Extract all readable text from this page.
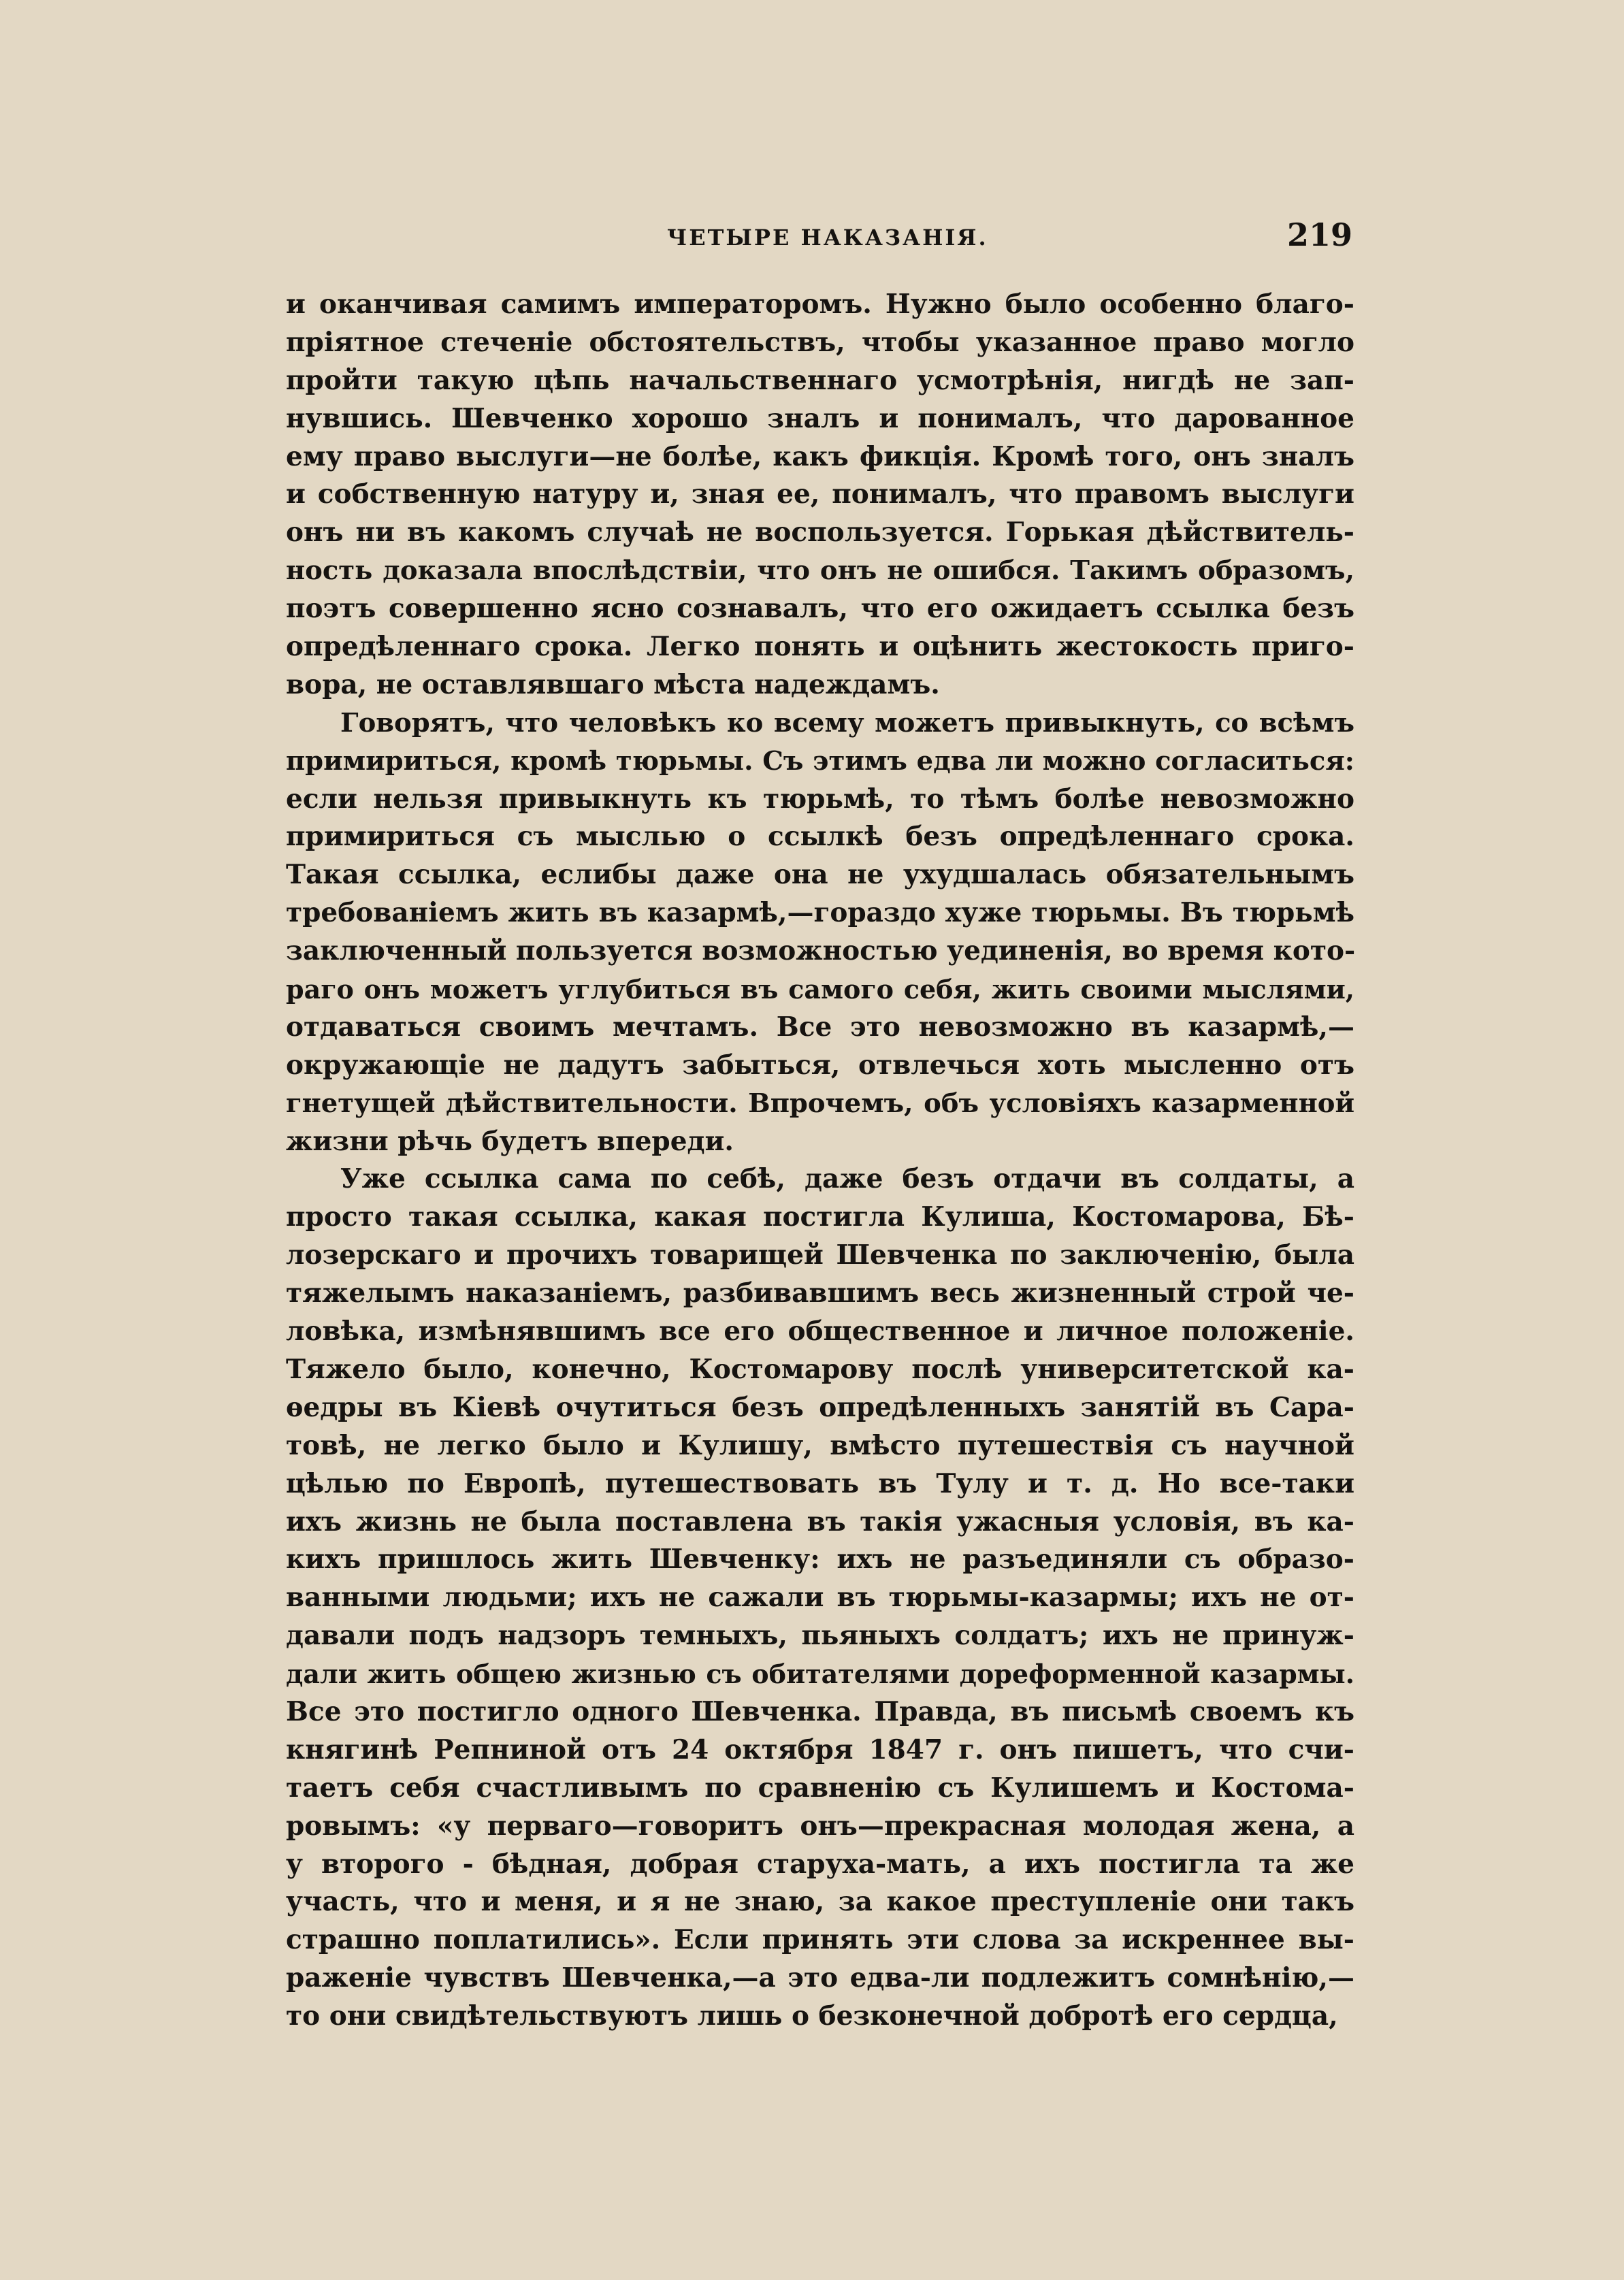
ЧЕТЫРЕ НАКАЗАНІЯ.	219
и оканчивая самимъ императоромъ. Нужно было особенно благо-
пріятное стеченіе обстоятельствъ, чтобы указанное право могло
пройти такую цѣпь начальственнаго усмотрѣнія, нигдѣ не зап-
нувшись. Шевченко хорошо зналъ и понималъ, что дарованное
ему право выслуги—не болѣе, какъ фикція. Кромѣ того, онъ зналъ
и собственную натуру и, зная ее, понималъ, что правомъ выслуги
онъ ни въ какомъ случаѣ не воспользуется. Горькая дѣйствитель-
ность доказала впослѣдствіи, что онъ не ошибся. Такимъ образомъ,
поэтъ совершенно ясно сознавалъ, что его ожидаетъ ссылка безъ
опредѣленнаго срока. Легко понять и оцѣнить жестокость приго-
вора, не оставлявшаго мѣста надеждамъ.
Говорятъ, что человѣкъ ко всему можетъ привыкнуть, со всѣмъ
примириться, кромѣ тюрьмы. Съ этимъ едва ли можно согласиться:
если нельзя привыкнуть къ тюрьмѣ, то тѣмъ болѣе невозможно
примириться съ мыслью о ссылкѣ безъ опредѣленнаго срока.
Такая ссылка, еслибы даже она не ухудшалась обязательнымъ
требованіемъ жить въ казармѣ,—гораздо хуже тюрьмы. Въ тюрьмѣ
заключенный пользуется возможностью уединенія, во время кото-
раго онъ можетъ углубиться въ самого себя, жить своими мыслями,
отдаваться своимъ мечтамъ. Все это невозможно въ казармѣ,—
окружающіе не дадутъ забыться, отвлечься хоть мысленно отъ
гнетущей дѣйствительности. Впрочемъ, объ условіяхъ казарменной
жизни рѣчь будетъ впереди.
Уже ссылка сама по себѣ, даже безъ отдачи въ солдаты, а
просто такая ссылка, какая постигла Кулиша, Костомарова, Бѣ-
лозерскаго и прочихъ товарищей Шевченка по заключенію, была
тяжелымъ наказаніемъ, разбивавшимъ весь жизненный строй че-
ловѣка, измѣнявшимъ все его общественное и личное положеніе.
Тяжело было, конечно, Костомарову послѣ университетской ка-
ѳедры въ Кіевѣ очутиться безъ опредѣленныхъ занятій въ Сара-
товѣ, не легко было и Кулишу, вмѣсто путешествія съ научной
цѣлью по Европѣ, путешествовать въ Тулу и т. д. Но все-таки
ихъ жизнь не была поставлена въ такія ужасныя условія, въ ка-
кихъ пришлось жить Шевченку: ихъ не разъединяли съ образо-
ванными людьми; ихъ не сажали въ тюрьмы-казармы; ихъ не от-
давали подъ надзоръ темныхъ, пьяныхъ солдатъ; ихъ не принуж-
дали жить общею жизнью съ обитателями дореформенной казармы.
Все это постигло одного Шевченка. Правда, въ письмѣ своемъ къ
княгинѣ Репниной отъ 24 октября 1847 г. онъ пишетъ, что счи-
таетъ себя счастливымъ по сравненію съ Кулишемъ и Костома-
ровымъ: «у перваго—говоритъ онъ—прекрасная молодая жена, а
у второго - бѣдная, добрая старуха-мать, а ихъ постигла та же
участь, что и меня, и я не знаю, за какое преступленіе они такъ
страшно поплатились». Если принять эти слова за искреннее вы-
раженіе чувствъ Шевченка,—а это едва-ли подлежитъ сомнѣнію,—
то они свидѣтельствуютъ лишь о безконечной добротѣ его сердца,
